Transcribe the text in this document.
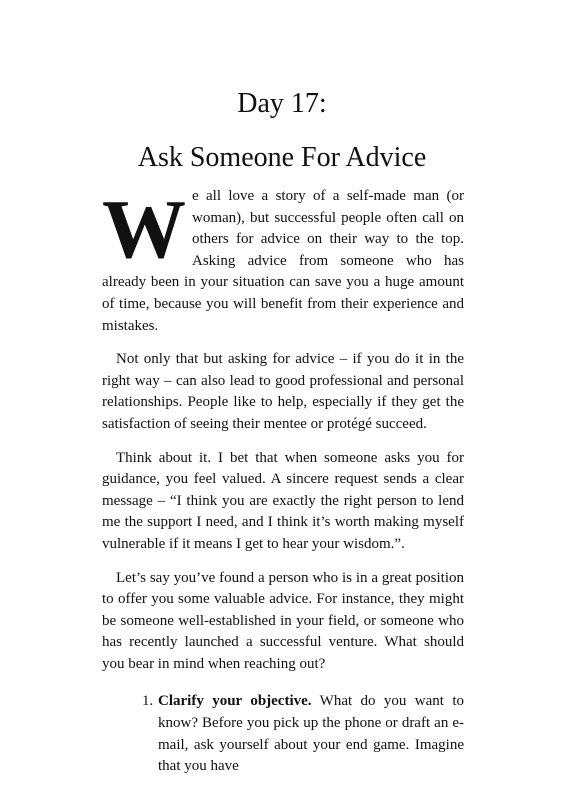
Day 17:
Ask Someone For Advice

We all love a story of a self-made man (or woman), but successful people often call on others for advice on their way to the top. Asking advice from someone who has already been in your situation can save you a huge amount of time, because you will benefit from their experience and mistakes.

Not only that but asking for advice – if you do it in the right way – can also lead to good professional and personal relationships. People like to help, especially if they get the satisfaction of seeing their mentee or protégé succeed.

Think about it. I bet that when someone asks you for guidance, you feel valued. A sincere request sends a clear message – “I think you are exactly the right person to lend me the support I need, and I think it’s worth making myself vulnerable if it means I get to hear your wisdom.”.

Let’s say you’ve found a person who is in a great position to offer you some valuable advice. For instance, they might be someone well-established in your field, or someone who has recently launched a successful venture. What should you bear in mind when reaching out?

1. Clarify your objective. What do you want to know? Before you pick up the phone or draft an e-mail, ask yourself about your end game. Imagine that you have
